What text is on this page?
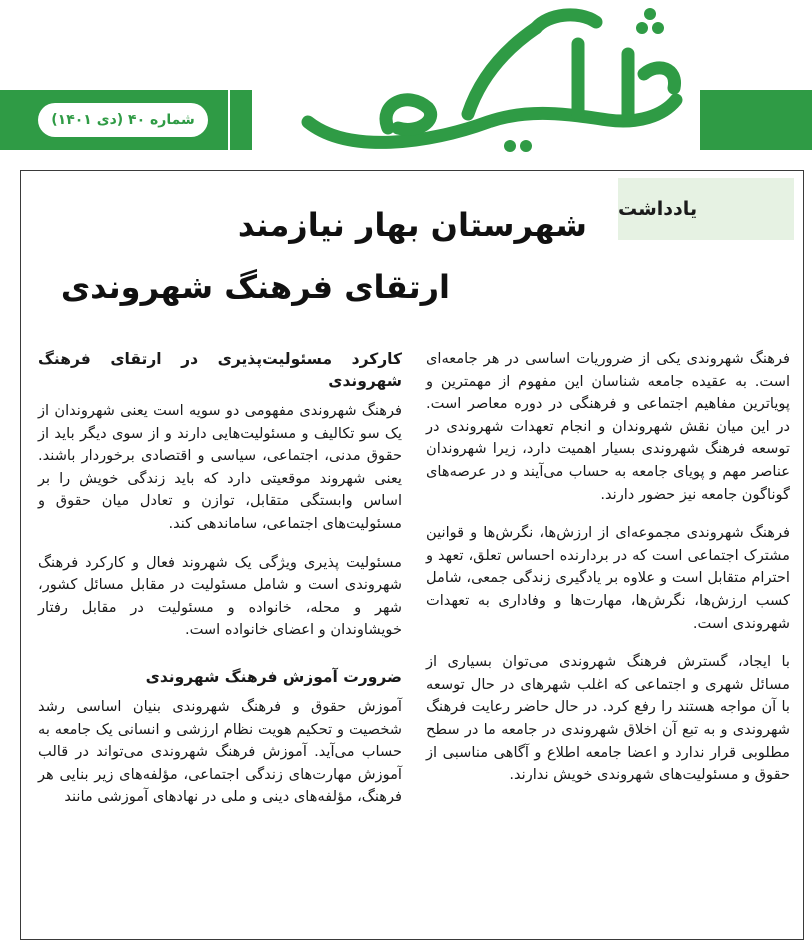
شماره ۴۰ (دی ۱۴۰۱)
یادداشت
شهرستان بهار نیازمند
ارتقای فرهنگ شهروندی

فرهنگ شهروندی یکی از ضروریات اساسی در هر جامعه‌ای است. به عقیده جامعه شناسان این مفهوم از مهمترین و پویاترین مفاهیم اجتماعی و فرهنگی در دوره معاصر است. در این میان نقش شهروندان و انجام تعهدات شهروندی در توسعه فرهنگ شهروندی بسیار اهمیت دارد، زیرا شهروندان عناصر مهم و پویای جامعه به حساب می‌آیند و در عرصه‌های گوناگون جامعه نیز حضور دارند.

فرهنگ شهروندی مجموعه‌ای از ارزش‌ها، نگرش‌ها و قوانین مشترک اجتماعی است که در بردارنده احساس تعلق، تعهد و احترام متقابل است و علاوه بر یادگیری زندگی جمعی، شامل کسب ارزش‌ها، نگرش‌ها، مهارت‌ها و وفاداری به تعهدات شهروندی است.

با ایجاد، گسترش فرهنگ شهروندی می‌توان بسیاری از مسائل شهری و اجتماعی که اغلب شهرهای در حال توسعه با آن مواجه هستند را رفع کرد. در حال حاضر رعایت فرهنگ شهروندی و به تبع آن اخلاق شهروندی در جامعه ما در سطح مطلوبی قرار ندارد و اعضا جامعه اطلاع و آگاهی مناسبی از حقوق و مسئولیت‌های شهروندی خویش ندارند.

کارکرد مسئولیت‌پذیری در ارتقای فرهنگ شهروندی

فرهنگ شهروندی مفهومی دو سویه است یعنی شهروندان از یک سو تکالیف و مسئولیت‌هایی دارند و از سوی دیگر باید از حقوق مدنی، اجتماعی، سیاسی و اقتصادی برخوردار باشند. یعنی شهروند موقعیتی دارد که باید زندگی خویش را بر اساس وابستگی متقابل، توازن و تعادل میان حقوق و مسئولیت‌های اجتماعی، ساماندهی کند.

مسئولیت پذیری ویژگی یک شهروند فعال و کارکرد فرهنگ شهروندی است و شامل مسئولیت در مقابل مسائل کشور، شهر و محله، خانواده و مسئولیت در مقابل رفتار خویشاوندان و اعضای خانواده است.

ضرورت آموزش فرهنگ شهروندی

آموزش حقوق و فرهنگ شهروندی بنیان اساسی رشد شخصیت و تحکیم هویت نظام ارزشی و انسانی یک جامعه به حساب می‌آید. آموزش فرهنگ شهروندی می‌تواند در قالب آموزش مهارت‌های زندگی اجتماعی، مؤلفه‌های زیر بنایی هر فرهنگ، مؤلفه‌های دینی و ملی در نهادهای آموزشی مانند
